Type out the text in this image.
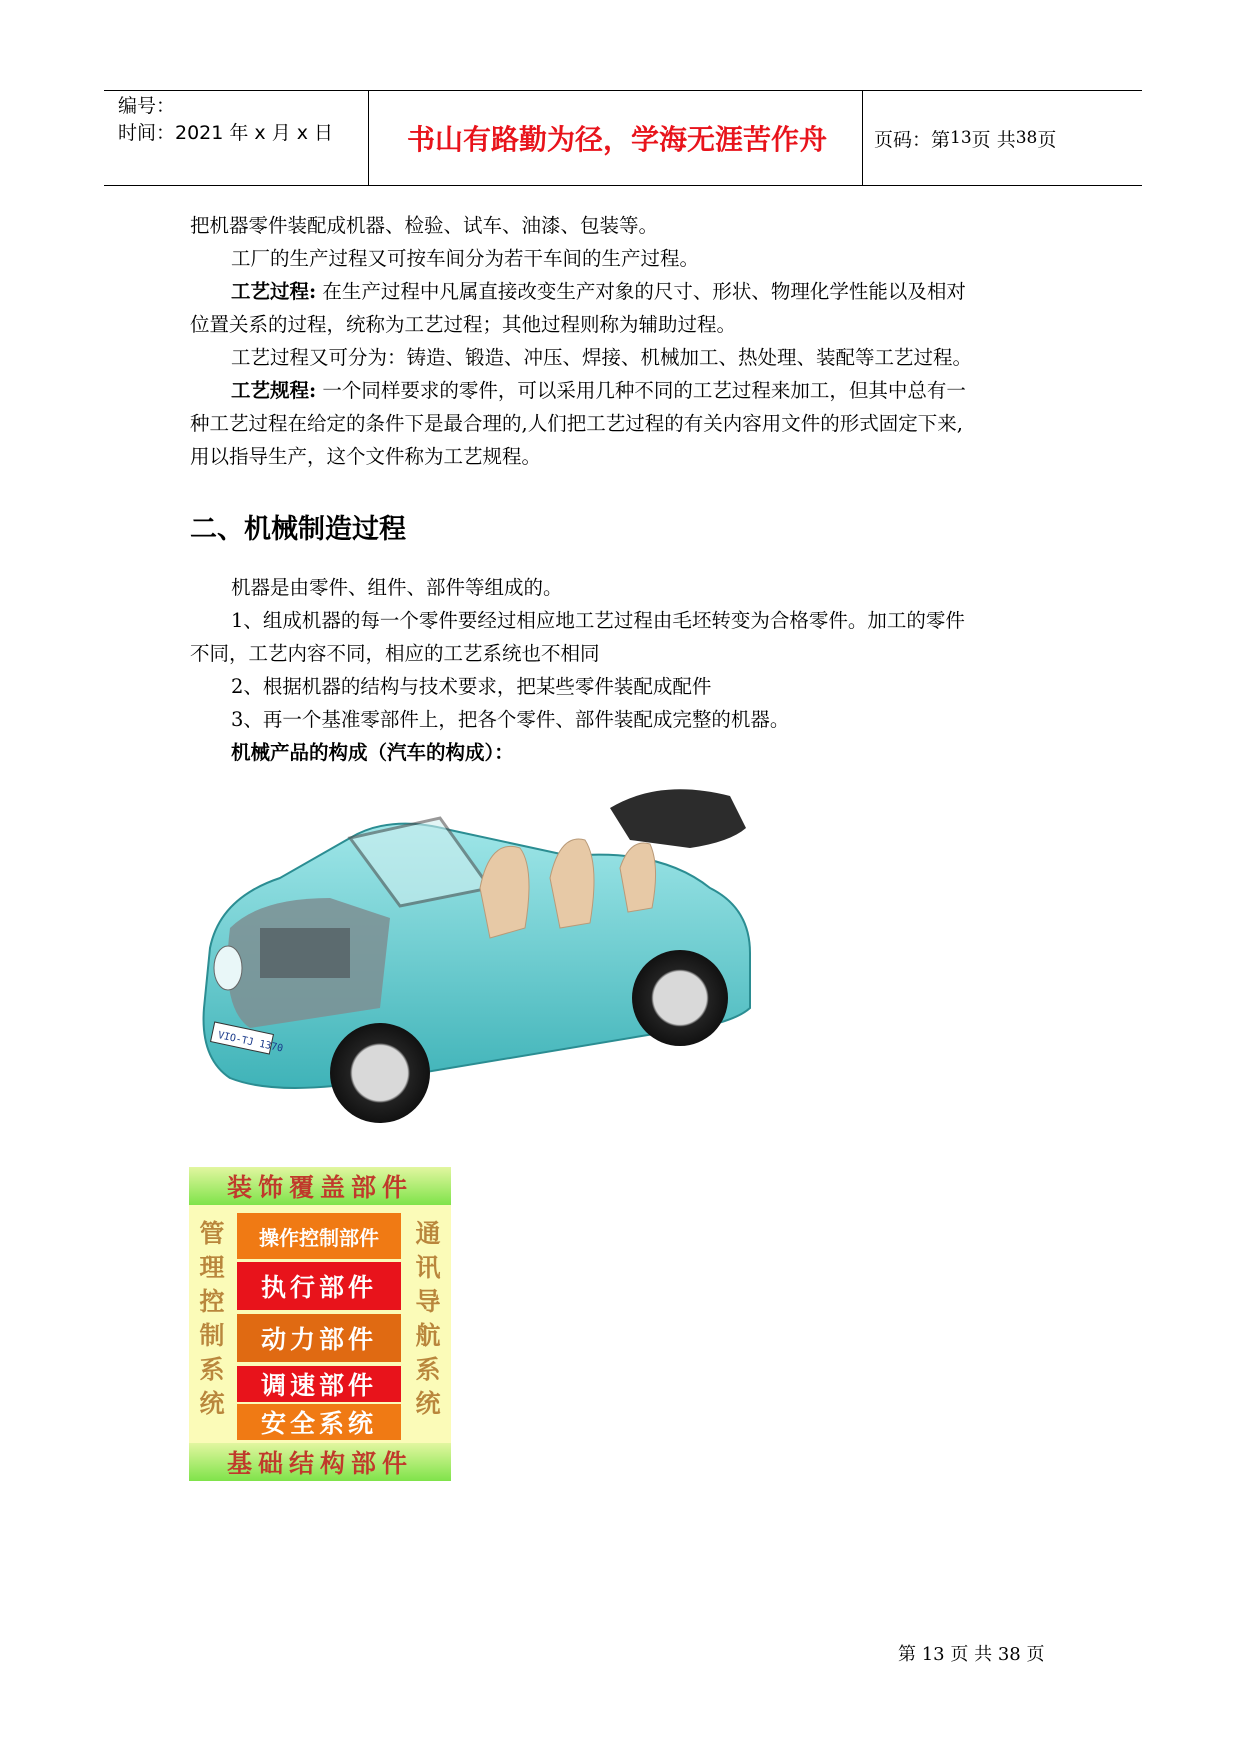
编号：
时间：2021 年 x 月 x 日	书山有路勤为径，学海无涯苦作舟	页码：第 13 页 共 38 页
把机器零件装配成机器、检验、试车、油漆、包装等。
工厂的生产过程又可按车间分为若干车间的生产过程。
工艺过程: 在生产过程中凡属直接改变生产对象的尺寸、形状、物理化学性能以及相对
位置关系的过程，统称为工艺过程；其他过程则称为辅助过程。
工艺过程又可分为：铸造、锻造、冲压、焊接、机械加工、热处理、装配等工艺过程。
工艺规程: 一个同样要求的零件，可以采用几种不同的工艺过程来加工，但其中总有一
种工艺过程在给定的条件下是最合理的,人们把工艺过程的有关内容用文件的形式固定下来,
用以指导生产，这个文件称为工艺规程。
二、机械制造过程
机器是由零件、组件、部件等组成的。
1、组成机器的每一个零件要经过相应地工艺过程由毛坯转变为合格零件。加工的零件
不同，工艺内容不同，相应的工艺系统也不相同
2、根据机器的结构与技术要求，把某些零件装配成配件
3、再一个基准零部件上，把各个零件、部件装配成完整的机器。
机械产品的构成（汽车的构成）：
VIO-TJ 1370
装饰覆盖部件
管
理
控
制
系
统
通
讯
导
航
系
统
操作控制部件
执行部件
动力部件
调速部件
安全系统
基础结构部件
第 13 页 共 38 页
